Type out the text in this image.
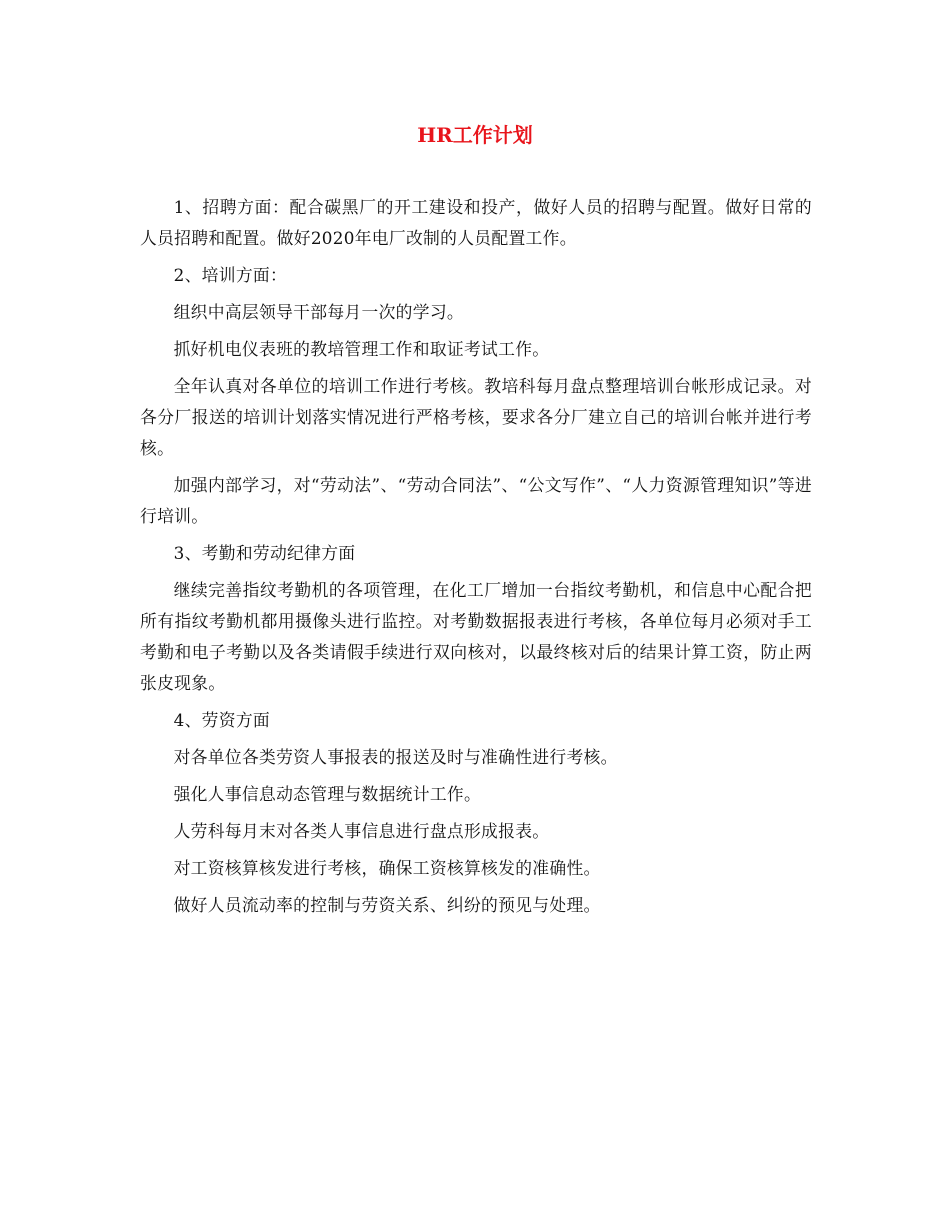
HR工作计划

1、招聘方面：配合碳黑厂的开工建设和投产，做好人员的招聘与配置。做好日常的人员招聘和配置。做好2020年电厂改制的人员配置工作。

2、培训方面：

组织中高层领导干部每月一次的学习。

抓好机电仪表班的教培管理工作和取证考试工作。

全年认真对各单位的培训工作进行考核。教培科每月盘点整理培训台帐形成记录。对各分厂报送的培训计划落实情况进行严格考核，要求各分厂建立自己的培训台帐并进行考核。

加强内部学习，对“劳动法”、“劳动合同法”、“公文写作”、“人力资源管理知识”等进行培训。

3、考勤和劳动纪律方面

继续完善指纹考勤机的各项管理，在化工厂增加一台指纹考勤机，和信息中心配合把所有指纹考勤机都用摄像头进行监控。对考勤数据报表进行考核，各单位每月必须对手工考勤和电子考勤以及各类请假手续进行双向核对，以最终核对后的结果计算工资，防止两张皮现象。

4、劳资方面

对各单位各类劳资人事报表的报送及时与准确性进行考核。

强化人事信息动态管理与数据统计工作。

人劳科每月末对各类人事信息进行盘点形成报表。

对工资核算核发进行考核，确保工资核算核发的准确性。

做好人员流动率的控制与劳资关系、纠纷的预见与处理。
